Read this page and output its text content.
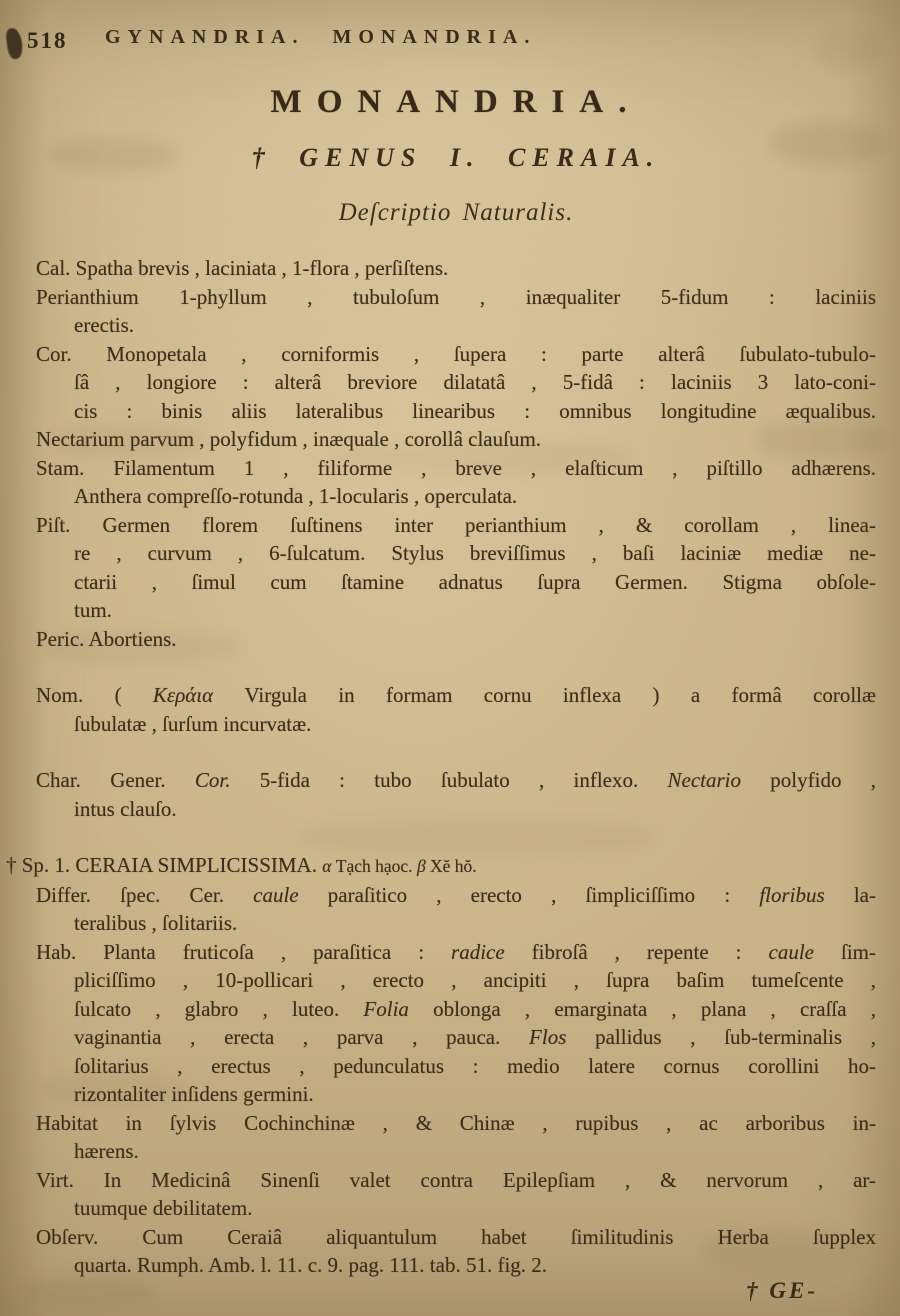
518 GYNANDRIA. MONANDRIA.
MONANDRIA.
† GENUS I. CERAIA.
Deſcriptio Naturalis.
Cal. Spatha brevis , laciniata , 1-flora , perſiſtens.
Perianthium 1-phyllum , tubuloſum , inæqualiter 5-fidum : laciniis
erectis.
Cor. Monopetala , corniformis , ſupera : parte alterâ ſubulato-tubulo-
ſâ , longiore : alterâ breviore dilatatâ , 5-fidâ : laciniis 3 lato-coni-
cis : binis aliis lateralibus linearibus : omnibus longitudine æqualibus.
Nectarium parvum , polyfidum , inæquale , corollâ clauſum.
Stam. Filamentum 1 , filiforme , breve , elaſticum , piſtillo adhærens.
Anthera compreſſo-rotunda , 1-locularis , operculata.
Piſt. Germen florem ſuſtinens inter perianthium , & corollam , linea-
re , curvum , 6-ſulcatum. Stylus breviſſimus , baſi laciniæ mediæ ne-
ctarii , ſimul cum ſtamine adnatus ſupra Germen. Stigma obſole-
tum.
Peric. Abortiens.
Nom. ( Κεράια Virgula in formam cornu inflexa ) a formâ corollæ
ſubulatæ , ſurſum incurvatæ.
Char. Gener. Cor. 5-fida : tubo ſubulato , inflexo. Nectario polyfido ,
intus clauſo.
† Sp. 1. CERAIA SIMPLICISSIMA. α Tạch hạoc. β Xĕ hŏ.
Differ. ſpec. Cer. caule paraſitico , erecto , ſimpliciſſimo : floribus la-
teralibus , ſolitariis.
Hab. Planta fruticoſa , paraſitica : radice fibroſâ , repente : caule ſim-
pliciſſimo , 10-pollicari , erecto , ancipiti , ſupra baſim tumeſcente ,
ſulcato , glabro , luteo. Folia oblonga , emarginata , plana , craſſa ,
vaginantia , erecta , parva , pauca. Flos pallidus , ſub-terminalis ,
ſolitarius , erectus , pedunculatus : medio latere cornus corollini ho-
rizontaliter inſidens germini.
Habitat in ſylvis Cochinchinæ , & Chinæ , rupibus , ac arboribus in-
hærens.
Virt. In Medicinâ Sinenſi valet contra Epilepſiam , & nervorum , ar-
tuumque debilitatem.
Obſerv. Cum Ceraiâ aliquantulum habet ſimilitudinis Herba ſupplex
quarta. Rumph. Amb. l. 11. c. 9. pag. 111. tab. 51. fig. 2.
† GE-
